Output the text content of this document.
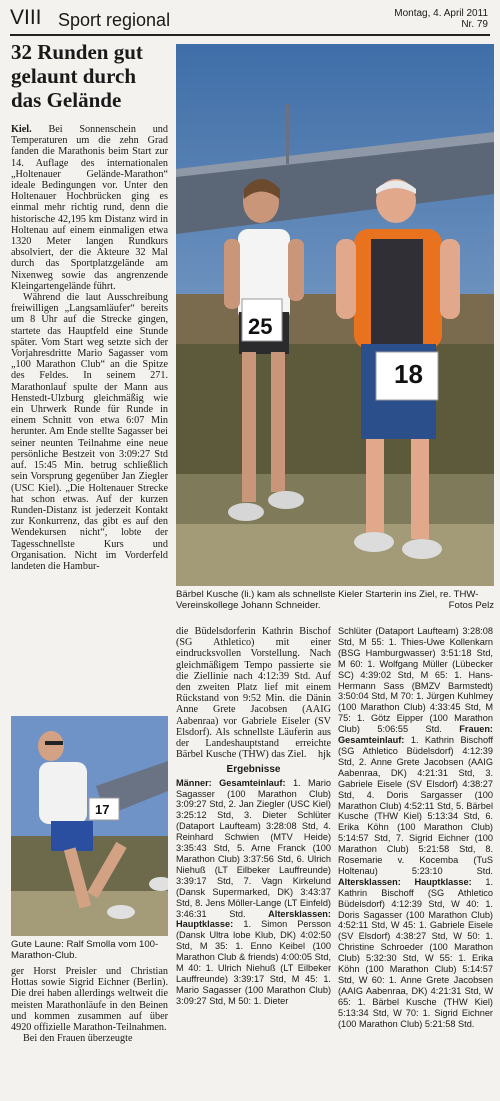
VIII Sport regional	Montag, 4. April 2011
Nr. 79
32 Runden gut gelaunt durch das Gelände

Kiel. Bei Sonnenschein und Temperaturen um die zehn Grad fanden die Marathonis beim Start zur 14. Auflage des internationalen „Holtenauer Gelände-Marathon“ ideale Bedingungen vor. Unter den Holtenauer Hochbrücken ging es einmal mehr richtig rund, denn die historische 42,195 km Distanz wird in Holtenau auf einem einmaligen etwa 1320 Meter langen Rundkurs absolviert, der die Akteure 32 Mal durch das Sportplatzgelände am Nixenweg sowie das angrenzende Kleingartengelände führt.

Während die laut Ausschreibung freiwilligen „Langsamläufer“ bereits um 8 Uhr auf die Strecke gingen, startete das Hauptfeld eine Stunde später. Vom Start weg setzte sich der Vorjahresdritte Mario Sagasser vom „100 Marathon Club“ an die Spitze des Feldes. In seinem 271. Marathonlauf spulte der Mann aus Henstedt-Ulzburg gleichmäßig wie ein Uhrwerk Runde für Runde in einem Schnitt von etwa 6:07 Min herunter. Am Ende stellte Sagasser bei seiner neunten Teilnahme eine neue persönliche Bestzeit von 3:09:27 Std auf. 15:45 Min. betrug schließlich sein Vorsprung gegenüber Jan Ziegler (USC Kiel). „Die Holtenauer Strecke hat schon etwas. Auf der kurzen Runden-Distanz ist jederzeit Kontakt zur Konkurrenz, das gibt es auf den Wendekursen nicht“, lobte der Tagesschnellste Kurs und Organisation. Nicht im Vorderfeld landeten die Hambur-

25
18
Bärbel Kusche (li.) kam als schnellste Kieler Starterin ins Ziel, re. THW-Vereinskollege Johann Schneider.	Fotos Pelz

die Büdelsdorferin Kathrin Bischof (SG Athletico) mit einer eindrucksvollen Vorstellung. Nach gleichmäßigem Tempo passierte sie die Ziellinie nach 4:12:39 Std. Auf den zweiten Platz lief mit einem Rückstand von 9:52 Min. die Dänin Anne Grete Jacobsen (AAIG Aabenraa) vor Gabriele Eiseler (SV Elsdorf). Als schnellste Läuferin aus der Landeshauptstand erreichte Bärbel Kusche (THW) das Ziel. hjk

Ergebnisse
Männer: Gesamteinlauf: 1. Mario Sagasser (100 Marathon Club) 3:09:27 Std, 2. Jan Ziegler (USC Kiel) 3:25:12 Std, 3. Dieter Schlüter (Dataport Laufteam) 3:28:08 Std, 4. Reinhard Schwien (MTV Heide) 3:35:43 Std, 5. Arne Franck (100 Marathon Club) 3:37:56 Std, 6. Ulrich Niehuß (LT Eilbeker Lauffreunde) 3:39:17 Std, 7. Vagn Kirkelund (Dansk Supermarked, DK) 3:43:37 Std, 8. Jens Möller-Lange (LT Einfeld) 3:46:31 Std. Altersklassen: Hauptklasse: 1. Simon Persson (Dansk Ultra lobe Klub, DK) 4:02:50 Std, M 35: 1. Enno Keibel (100 Marathon Club & friends) 4:00:05 Std, M 40: 1. Ulrich Niehuß (LT Eilbeker Lauffreunde) 3:39:17 Std, M 45: 1. Mario Sagasser (100 Marathon Club) 3:09:27 Std, M 50: 1. Dieter
Schlüter (Dataport Laufteam) 3:28:08 Std, M 55: 1. Thies-Uwe Kollenkarn (BSG Hamburgwasser) 3:51:18 Std, M 60: 1. Wolfgang Müller (Lübecker SC) 4:39:02 Std, M 65: 1. Hans-Hermann Sass (BMZV Barmstedt) 3:50:04 Std, M 70: 1. Jürgen Kuhlmey (100 Marathon Club) 4:33:45 Std, M 75: 1. Götz Eipper (100 Marathon Club) 5:06:55 Std. Frauen: Gesamteinlauf: 1. Kathrin Bischoff (SG Athletico Büdelsdorf) 4:12:39 Std, 2. Anne Grete Jacobsen (AAIG Aabenraa, DK) 4:21:31 Std, 3. Gabriele Eisele (SV Elsdorf) 4:38:27 Std, 4. Doris Sargasser (100 Marathon Club) 4:52:11 Std, 5. Bärbel Kusche (THW Kiel) 5:13:34 Std, 6. Erika Köhn (100 Marathon Club) 5:14:57 Std, 7. Sigrid Eichner (100 Marathon Club) 5:21:58 Std, 8. Rosemarie v. Kocemba (TuS Holtenau) 5:23:10 Std. Altersklassen: Hauptklasse: 1. Kathrin Bischoff (SG Athletico Büdelsdorf) 4:12:39 Std, W 40: 1. Doris Sagasser (100 Marathon Club) 4:52:11 Std, W 45: 1. Gabriele Eisele (SV Elsdorf) 4:38:27 Std, W 50: 1. Christine Schroeder (100 Marathon Club) 5:32:30 Std, W 55: 1. Erika Köhn (100 Marathon Club) 5:14:57 Std, W 60: 1. Anne Grete Jacobsen (AAIG Aabenraa, DK) 4:21:31 Std, W 65: 1. Bärbel Kusche (THW Kiel) 5:13:34 Std, W 70: 1. Sigrid Eichner (100 Marathon Club) 5:21:58 Std.
17
Gute Laune: Ralf Smolla vom 100-Marathon-Club.

ger Horst Preisler und Christian Hottas sowie Sigrid Eichner (Berlin). Die drei haben allerdings weltweit die meisten Marathonläufe in den Beinen und kommen zusammen auf über 4920 offizielle Marathon-Teilnahmen.

Bei den Frauen überzeugte
